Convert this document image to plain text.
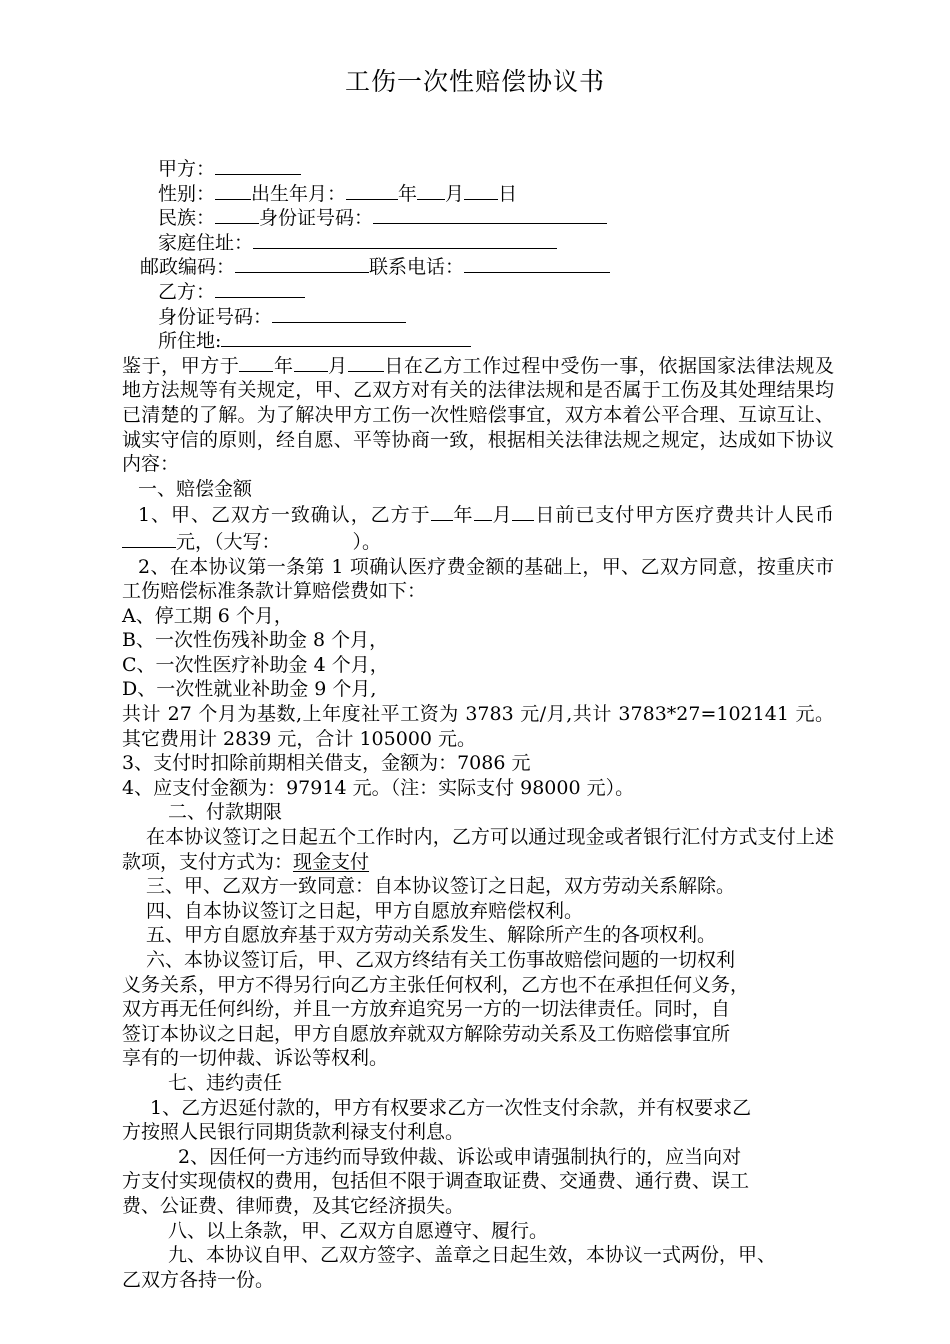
工伤一次性赔偿协议书
甲方：
性别： 出生年月：	年 月 日
民族： 身份证号码：
家庭住址：
邮政编码：	联系电话：
乙方：
身份证号码：
所住地:
鉴于，甲方于 年 月 日在乙方工作过程中受伤一事，依据国家法律法规及地方法规等有关规定，甲、乙双方对有关的法律法规和是否属于工伤及其处理结果均已清楚的了解。为了解决甲方工伤一次性赔偿事宜，双方本着公平合理、互谅互让、诚实守信的原则，经自愿、平等协商一致，根据相关法律法规之规定，达成如下协议内容：
一、赔偿金额
1、甲、乙双方一致确认，乙方于 年 月 日前已支付甲方医疗费共计人民币元，（大写：	）。
2、在本协议第一条第 1 项确认医疗费金额的基础上，甲、乙双方同意，按重庆市工伤赔偿标准条款计算赔偿费如下：
A、停工期 6 个月，
B、一次性伤残补助金 8 个月，
C、一次性医疗补助金 4 个月，
D、一次性就业补助金 9 个月,
共计 27 个月为基数,上年度社平工资为 3783 元/月,共计 3783*27=102141 元。其它费用计 2839 元，合计 105000 元。
3、支付时扣除前期相关借支，金额为：7086 元
4、应支付金额为：97914 元。（注：实际支付 98000 元）。
二、付款期限
在本协议签订之日起五个工作时内，乙方可以通过现金或者银行汇付方式支付上述款项，支付方式为：现金支付
三、甲、乙双方一致同意：自本协议签订之日起，双方劳动关系解除。
四、自本协议签订之日起，甲方自愿放弃赔偿权利。
五、甲方自愿放弃基于双方劳动关系发生、解除所产生的各项权利。
六、本协议签订后，甲、乙双方终结有关工伤事故赔偿问题的一切权利
义务关系，甲方不得另行向乙方主张任何权利，乙方也不在承担任何义务，
双方再无任何纠纷，并且一方放弃追究另一方的一切法律责任。同时，自
签订本协议之日起，甲方自愿放弃就双方解除劳动关系及工伤赔偿事宜所
享有的一切仲裁、诉讼等权利。
七、违约责任
1、乙方迟延付款的，甲方有权要求乙方一次性支付余款，并有权要求乙
方按照人民银行同期货款利禄支付利息。
2、因任何一方违约而导致仲裁、诉讼或申请强制执行的，应当向对
方支付实现债权的费用，包括但不限于调查取证费、交通费、通行费、误工
费、公证费、律师费，及其它经济损失。
八、以上条款，甲、乙双方自愿遵守、履行。
九、本协议自甲、乙双方签字、盖章之日起生效，本协议一式两份，甲、
乙双方各持一份。
